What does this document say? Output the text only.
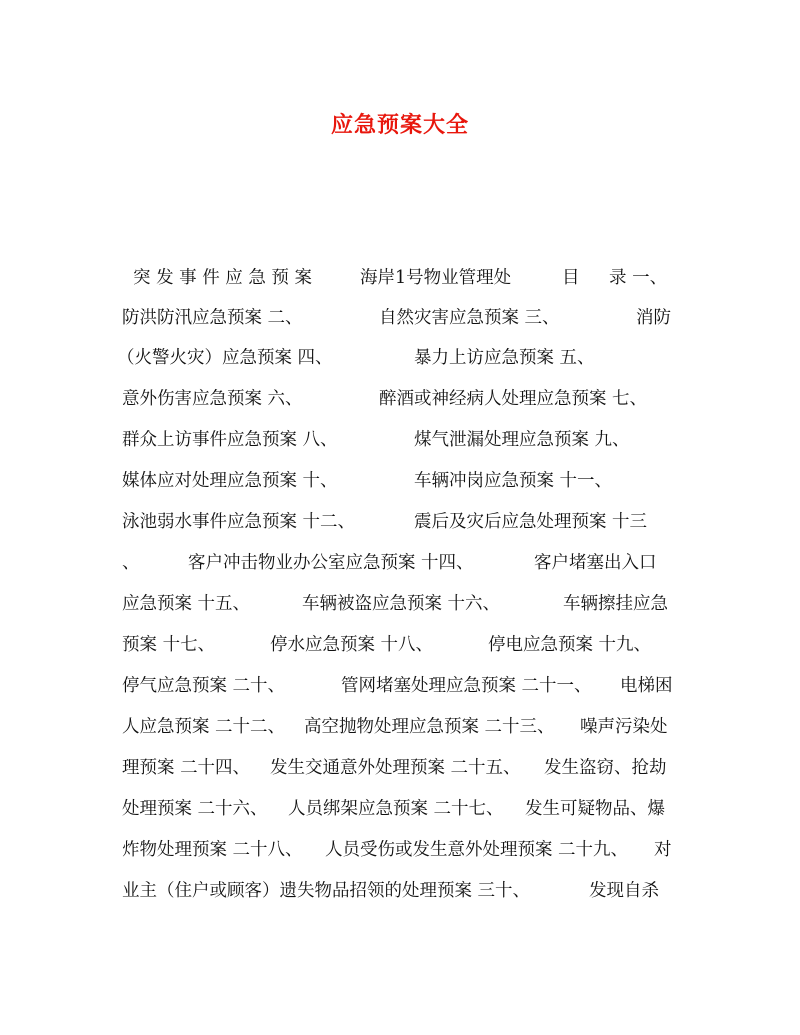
应急预案大全

突 发 事 件 应 急 预 案

	海岸1号物业管理处

	目

录 一、

防洪防汛应急预案 二、

	自然灾害应急预案 三、

	消防

（火警火灾）应急预案 四、

	暴力上访应急预案 五、

意外伤害应急预案 六、

	醉酒或神经病人处理应急预案 七、

群众上访事件应急预案 八、

	煤气泄漏处理应急预案 九、

媒体应对处理应急预案 十、

	车辆冲岗应急预案 十一、

泳池弱水事件应急预案 十二、

	震后及灾后应急处理预案 十三

、

	客户冲击物业办公室应急预案 十四、

	客户堵塞出入口

应急预案 十五、

	车辆被盗应急预案 十六、

	车辆擦挂应急

预案 十七、

	停水应急预案 十八、

	停电应急预案 十九、

停气应急预案 二十、

	管网堵塞处理应急预案 二十一、

电梯困

人应急预案 二十二、

高空抛物处理应急预案 二十三、

噪声污染处

理预案 二十四、

发生交通意外处理预案 二十五、

发生盗窃、抢劫

处理预案 二十六、

人员绑架应急预案 二十七、

发生可疑物品、爆

炸物处理预案 二十八、

人员受伤或发生意外处理预案 二十九、

对

业主（住户或顾客）遗失物品招领的处理预案 三十、

	发现自杀
